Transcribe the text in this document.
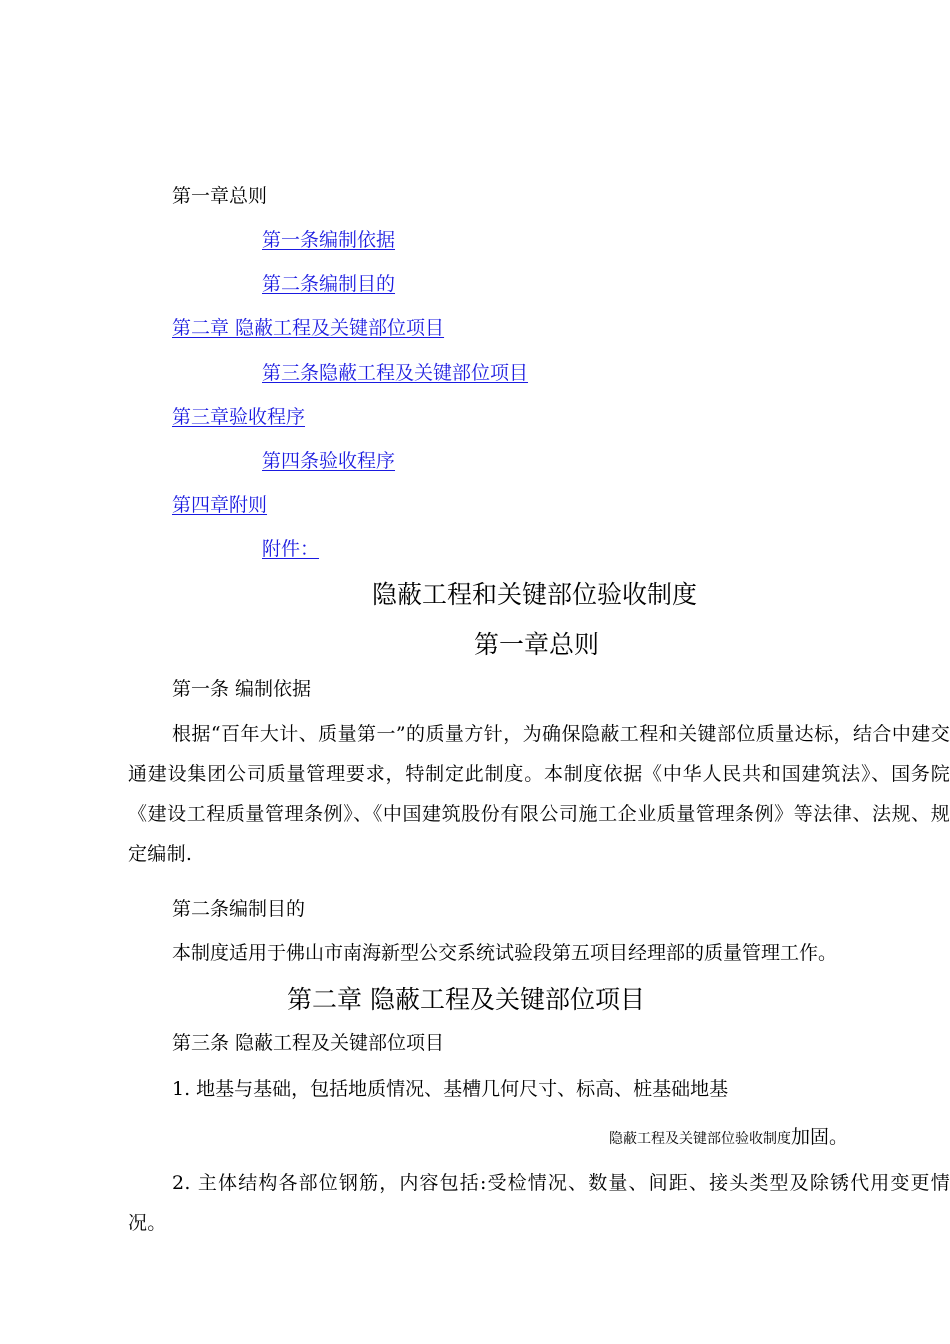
第一章总则
第一条编制依据
第二条编制目的
第二章 隐蔽工程及关键部位项目
第三条隐蔽工程及关键部位项目
第三章验收程序
第四条验收程序
第四章附则
附件：
隐蔽工程和关键部位验收制度
第一章总则
第一条 编制依据
根据“百年大计、质量第一”的质量方针，为确保隐蔽工程和关键部位质量达标，结合中建交通建设集团公司质量管理要求，特制定此制度。本制度依据《中华人民共和国建筑法》、国务院《建设工程质量管理条例》、《中国建筑股份有限公司施工企业质量管理条例》等法律、法规、规定编制.
第二条编制目的
本制度适用于佛山市南海新型公交系统试验段第五项目经理部的质量管理工作。
第二章 隐蔽工程及关键部位项目
第三条 隐蔽工程及关键部位项目
1. 地基与基础，包括地质情况、基槽几何尺寸、标高、桩基础地基
隐蔽工程及关键部位验收制度加固。
2. 主体结构各部位钢筋，内容包括:受检情况、数量、间距、接头类型及除锈代用变更情况。
